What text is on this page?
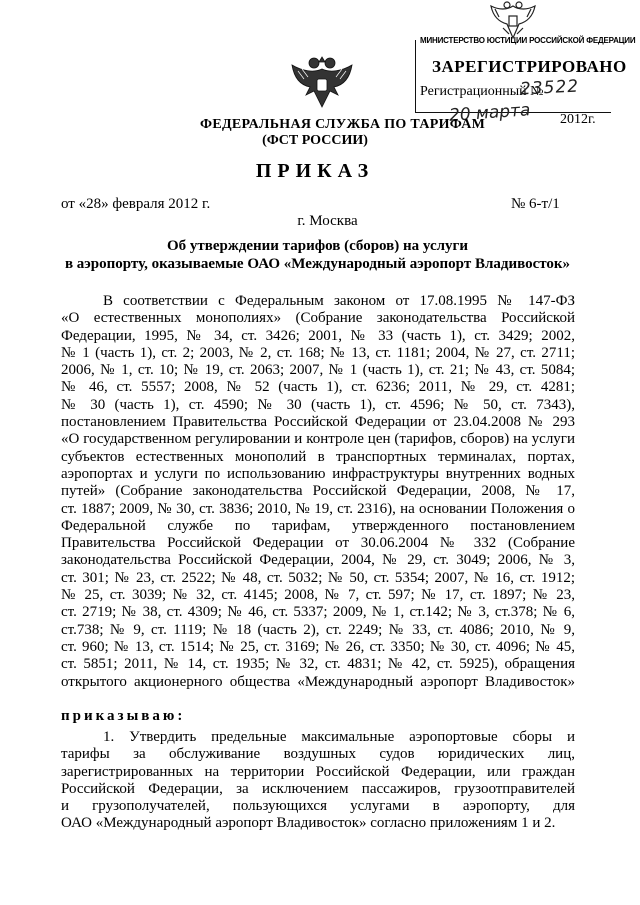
МИНИСТЕРСТВО ЮСТИЦИИ РОССИЙСКОЙ ФЕДЕРАЦИИ
ЗАРЕГИСТРИРОВАНО
Регистрационный №
23522
20 марта 2012г.
ФЕДЕРАЛЬНАЯ СЛУЖБА ПО ТАРИФАМ
(ФСТ РОССИИ)
ПРИКАЗ
от «28» февраля 2012 г.	№ 6-т/1
г. Москва
Об утверждении тарифов (сборов) на услуги
в аэропорту, оказываемые ОАО «Международный аэропорт Владивосток»
В соответствии с Федеральным законом от 17.08.1995 № 147-ФЗ
«О естественных монополиях» (Собрание законодательства Российской
Федерации, 1995, № 34, ст. 3426; 2001, № 33 (часть 1), ст. 3429; 2002,
№ 1 (часть 1), ст. 2; 2003, № 2, ст. 168; № 13, ст. 1181; 2004, № 27, ст. 2711;
2006, № 1, ст. 10; № 19, ст. 2063; 2007, № 1 (часть 1), ст. 21; № 43, ст. 5084;
№ 46, ст. 5557; 2008, № 52 (часть 1), ст. 6236; 2011, № 29, ст. 4281;
№ 30 (часть 1), ст. 4590; № 30 (часть 1), ст. 4596; № 50, ст. 7343),
постановлением Правительства Российской Федерации от 23.04.2008 № 293
«О государственном регулировании и контроле цен (тарифов, сборов) на услуги
субъектов естественных монополий в транспортных терминалах, портах,
аэропортах и услуги по использованию инфраструктуры внутренних водных
путей» (Собрание законодательства Российской Федерации, 2008, № 17,
ст. 1887; 2009, № 30, ст. 3836; 2010, № 19, ст. 2316), на основании Положения о
Федеральной службе по тарифам, утвержденного постановлением
Правительства Российской Федерации от 30.06.2004 № 332 (Собрание
законодательства Российской Федерации, 2004, № 29, ст. 3049; 2006, № 3,
ст. 301; № 23, ст. 2522; № 48, ст. 5032; № 50, ст. 5354; 2007, № 16, ст. 1912;
№ 25, ст. 3039; № 32, ст. 4145; 2008, № 7, ст. 597; № 17, ст. 1897; № 23,
ст. 2719; № 38, ст. 4309; № 46, ст. 5337; 2009, № 1, ст.142; № 3, ст.378; № 6,
ст.738; № 9, ст. 1119; № 18 (часть 2), ст. 2249; № 33, ст. 4086; 2010, № 9,
ст. 960; № 13, ст. 1514; № 25, ст. 3169; № 26, ст. 3350; № 30, ст. 4096; № 45,
ст. 5851; 2011, № 14, ст. 1935; № 32, ст. 4831; № 42, ст. 5925), обращения
открытого акционерного общества «Международный аэропорт Владивосток»
приказываю:
1. Утвердить предельные максимальные аэропортовые сборы и
тарифы за обслуживание воздушных судов юридических лиц,
зарегистрированных на территории Российской Федерации, или граждан
Российской Федерации, за исключением пассажиров, грузоотправителей
и грузополучателей, пользующихся услугами в аэропорту, для
ОАО «Международный аэропорт Владивосток» согласно приложениям 1 и 2.
